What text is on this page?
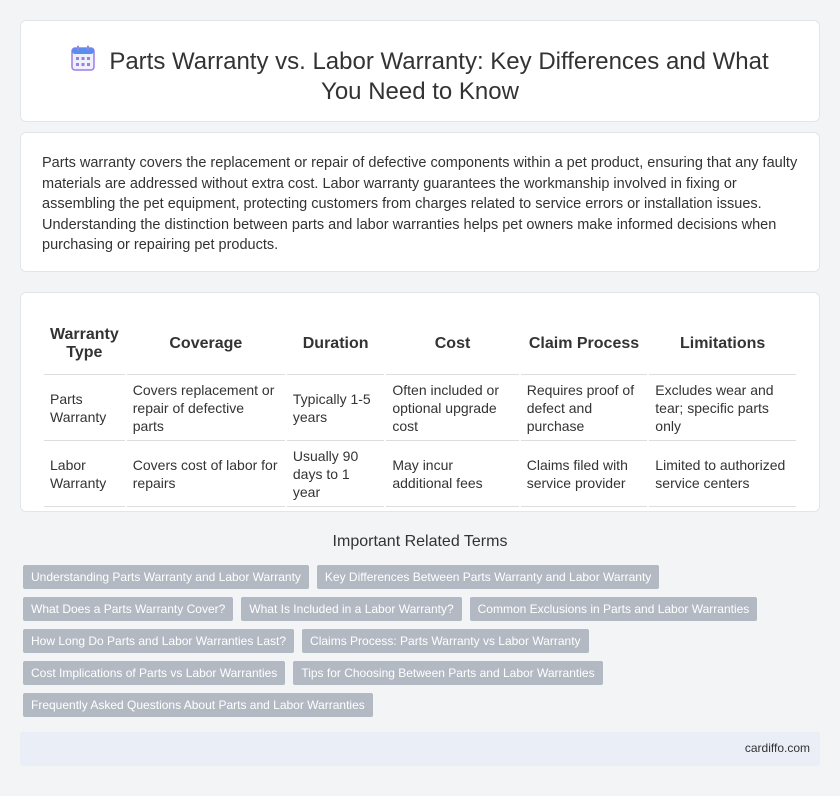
Parts Warranty vs. Labor Warranty: Key Differences and What You Need to Know

Parts warranty covers the replacement or repair of defective components within a pet product, ensuring that any faulty materials are addressed without extra cost. Labor warranty guarantees the workmanship involved in fixing or assembling the pet equipment, protecting customers from charges related to service errors or installation issues. Understanding the distinction between parts and labor warranties helps pet owners make informed decisions when purchasing or repairing pet products.

Warranty Type	Coverage	Duration	Cost	Claim Process	Limitations
Parts Warranty	Covers replacement or repair of defective parts	Typically 1-5 years	Often included or optional upgrade cost	Requires proof of defect and purchase	Excludes wear and tear; specific parts only
Labor Warranty	Covers cost of labor for repairs	Usually 90 days to 1 year	May incur additional fees	Claims filed with service provider	Limited to authorized service centers
Important Related Terms
Understanding Parts Warranty and Labor Warranty	Key Differences Between Parts Warranty and Labor Warranty
What Does a Parts Warranty Cover?	What Is Included in a Labor Warranty?	Common Exclusions in Parts and Labor Warranties
How Long Do Parts and Labor Warranties Last?	Claims Process: Parts Warranty vs Labor Warranty
Cost Implications of Parts vs Labor Warranties	Tips for Choosing Between Parts and Labor Warranties
Frequently Asked Questions About Parts and Labor Warranties
cardiffo.com
